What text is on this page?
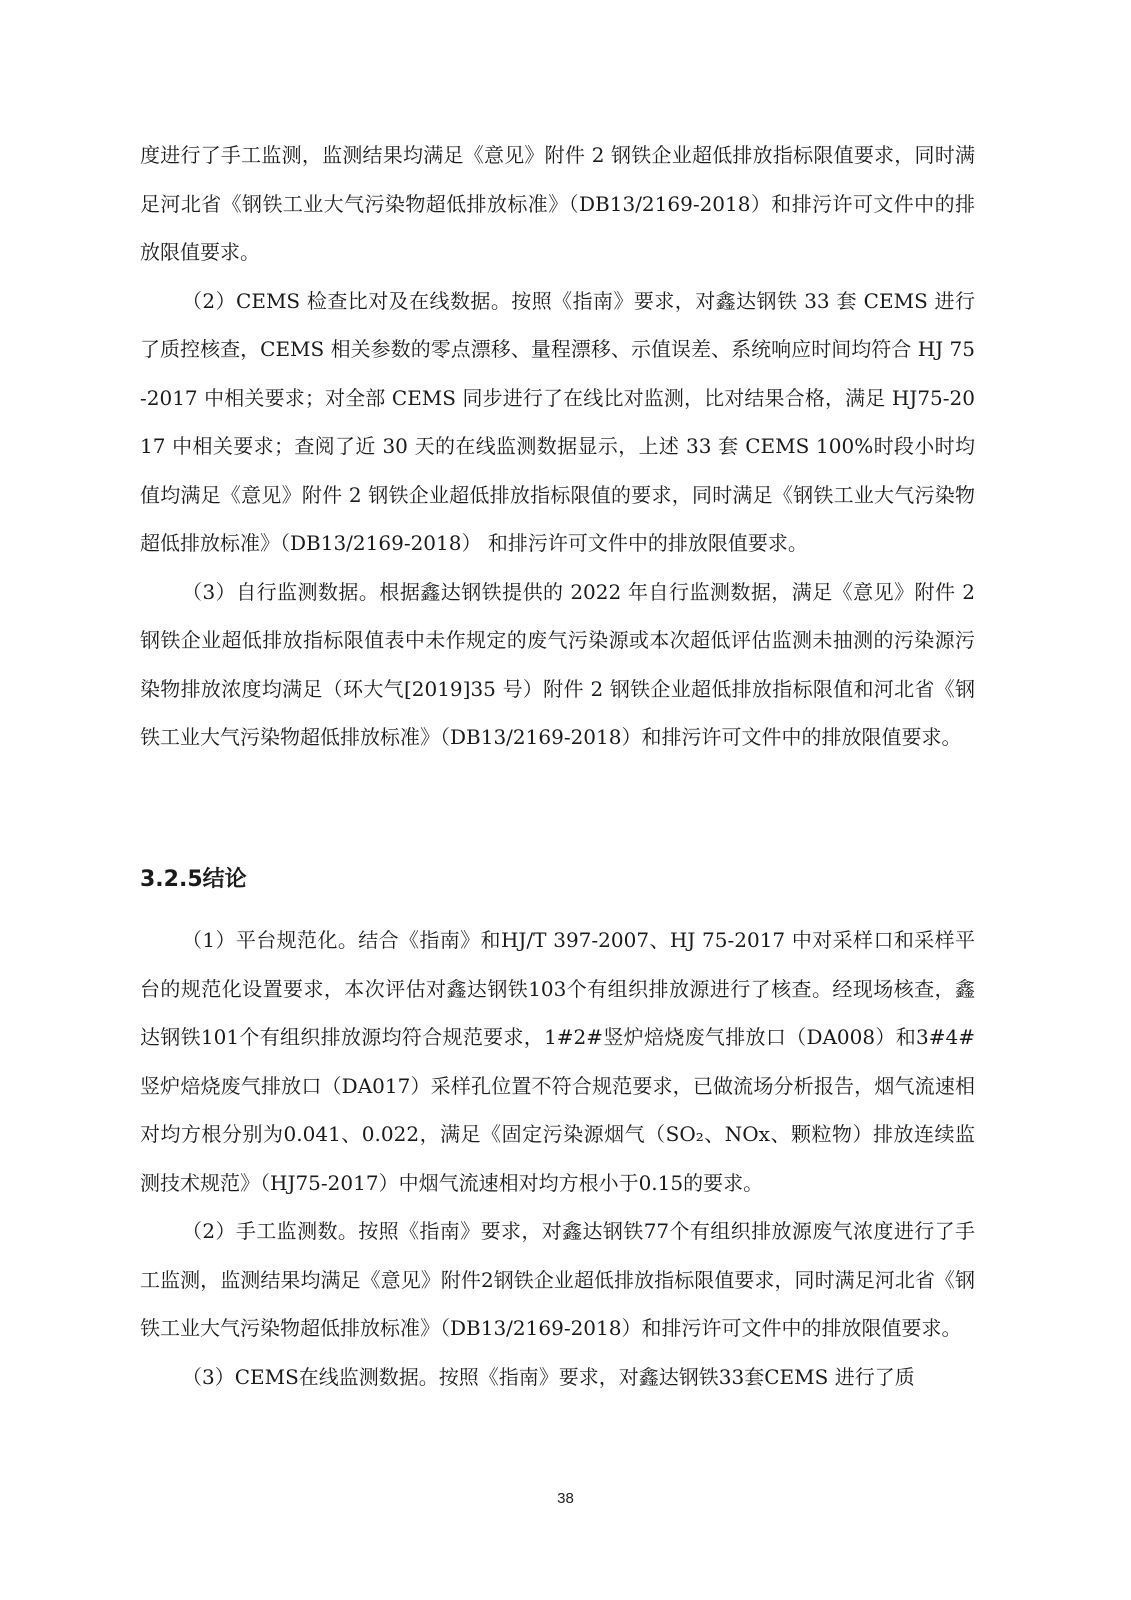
度进行了手工监测，监测结果均满足《意见》附件 2 钢铁企业超低排放指标限值要求，同时满足河北省《钢铁工业大气污染物超低排放标准》（DB13/2169-2018）和排污许可文件中的排放限值要求。

（2）CEMS 检查比对及在线数据。按照《指南》要求，对鑫达钢铁 33 套 CEMS 进行了质控核查，CEMS 相关参数的零点漂移、量程漂移、示值误差、系统响应时间均符合 HJ 75-2017 中相关要求；对全部 CEMS 同步进行了在线比对监测，比对结果合格，满足 HJ75-2017 中相关要求；查阅了近 30 天的在线监测数据显示，上述 33 套 CEMS 100%时段小时均值均满足《意见》附件 2 钢铁企业超低排放指标限值的要求，同时满足《钢铁工业大气污染物超低排放标准》（DB13/2169-2018） 和排污许可文件中的排放限值要求。

（3）自行监测数据。根据鑫达钢铁提供的 2022 年自行监测数据，满足《意见》附件 2 钢铁企业超低排放指标限值表中未作规定的废气污染源或本次超低评估监测未抽测的污染源污染物排放浓度均满足（环大气[2019]35 号）附件 2 钢铁企业超低排放指标限值和河北省《钢铁工业大气污染物超低排放标准》（DB13/2169-2018）和排污许可文件中的排放限值要求。

3.2.5结论

（1）平台规范化。结合《指南》和HJ/T 397-2007、HJ 75-2017 中对采样口和采样平台的规范化设置要求，本次评估对鑫达钢铁103个有组织排放源进行了核查。经现场核查，鑫达钢铁101个有组织排放源均符合规范要求，1#2#竖炉焙烧废气排放口（DA008）和3#4#竖炉焙烧废气排放口（DA017）采样孔位置不符合规范要求，已做流场分析报告，烟气流速相对均方根分别为0.041、0.022，满足《固定污染源烟气（SO₂、NOx、颗粒物）排放连续监测技术规范》（HJ75-2017）中烟气流速相对均方根小于0.15的要求。

（2）手工监测数。按照《指南》要求，对鑫达钢铁77个有组织排放源废气浓度进行了手工监测，监测结果均满足《意见》附件2钢铁企业超低排放指标限值要求，同时满足河北省《钢铁工业大气污染物超低排放标准》（DB13/2169-2018）和排污许可文件中的排放限值要求。

（3）CEMS在线监测数据。按照《指南》要求，对鑫达钢铁33套CEMS 进行了质

38
